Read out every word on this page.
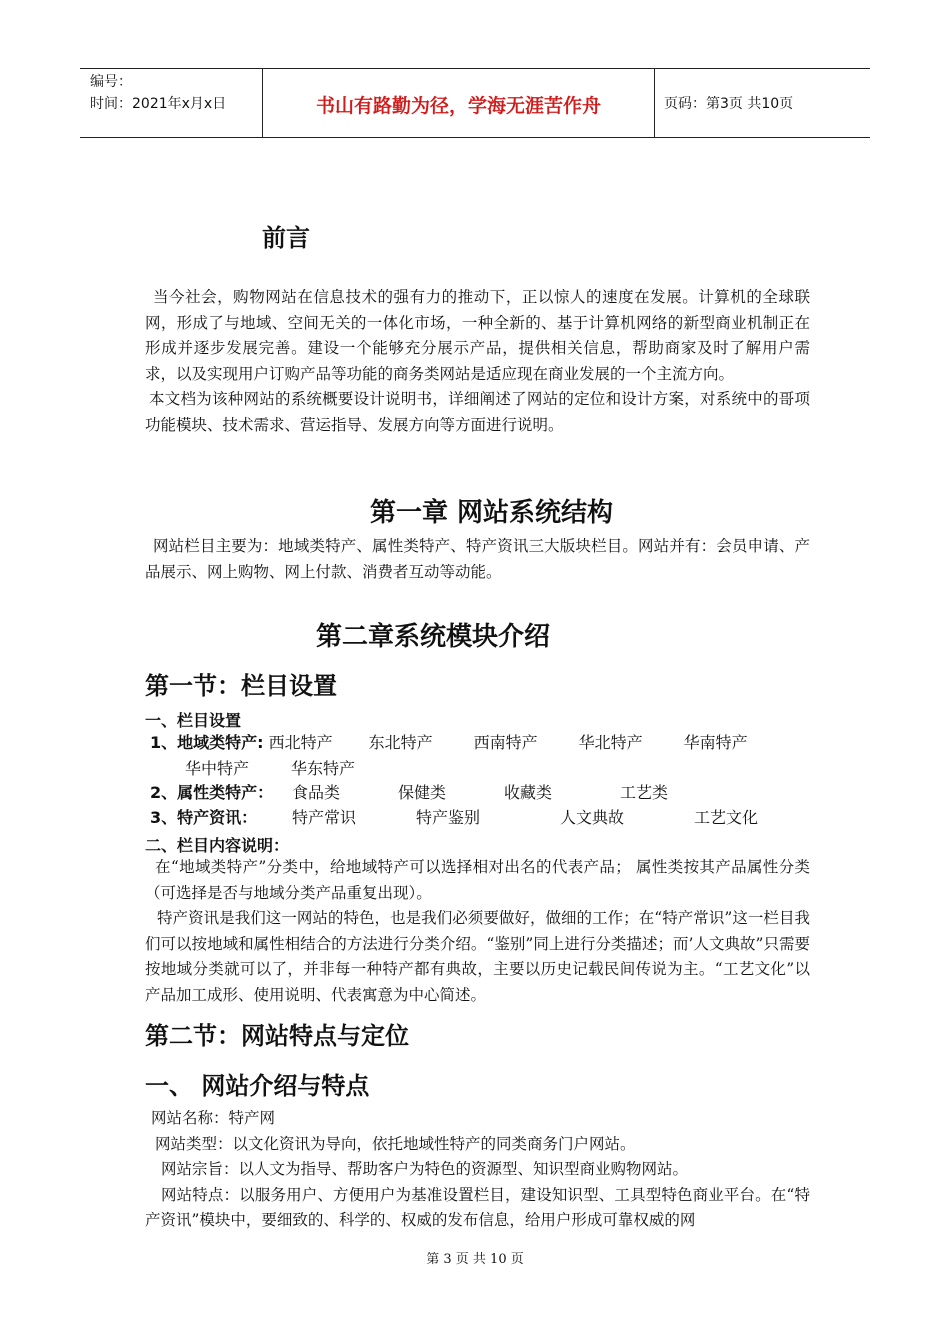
编号：
时间：2021年x月x日	书山有路勤为径，学海无涯苦作舟	页码：第3页 共10页
前言

当今社会，购物网站在信息技术的强有力的推动下，正以惊人的速度在发展。计算机的全球联网，形成了与地域、空间无关的一体化市场，一种全新的、基于计算机网络的新型商业机制正在形成并逐步发展完善。建设一个能够充分展示产品，提供相关信息，帮助商家及时了解用户需求，以及实现用户订购产品等功能的商务类网站是适应现在商业发展的一个主流方向。

本文档为该种网站的系统概要设计说明书，详细阐述了网站的定位和设计方案，对系统中的哥项功能模块、技术需求、营运指导、发展方向等方面进行说明。

第一章 网站系统结构

网站栏目主要为：地域类特产、属性类特产、特产资讯三大版块栏目。网站并有：会员申请、产品展示、网上购物、网上付款、消费者互动等动能。

第二章系统模块介绍
第一节：栏目设置
一、栏目设置
1、地域类特产: 西北特产 东北特产	西南特产	华北特产	华南特产
华中特产	华东特产
2、属性类特产： 食品类	保健类	收藏类	工艺类
3、特产资讯： 特产常识	特产鉴别	人文典故	工艺文化
二、栏目内容说明：

在“地域类特产”分类中，给地域特产可以选择相对出名的代表产品； 属性类按其产品属性分类（可选择是否与地域分类产品重复出现）。

特产资讯是我们这一网站的特色，也是我们必须要做好，做细的工作；在“特产常识”这一栏目我们可以按地域和属性相结合的方法进行分类介绍。“鉴别”同上进行分类描述；而’人文典故”只需要按地域分类就可以了，并非每一种特产都有典故，主要以历史记载民间传说为主。“工艺文化”以产品加工成形、使用说明、代表寓意为中心简述。

第二节：网站特点与定位
一、 网站介绍与特点

网站名称：特产网

网站类型：以文化资讯为导向，依托地域性特产的同类商务门户网站。

网站宗旨：以人文为指导、帮助客户为特色的资源型、知识型商业购物网站。

网站特点：以服务用户、方便用户为基准设置栏目，建设知识型、工具型特色商业平台。在“特产资讯”模块中，要细致的、科学的、权威的发布信息，给用户形成可靠权威的网

第 3 页 共 10 页
